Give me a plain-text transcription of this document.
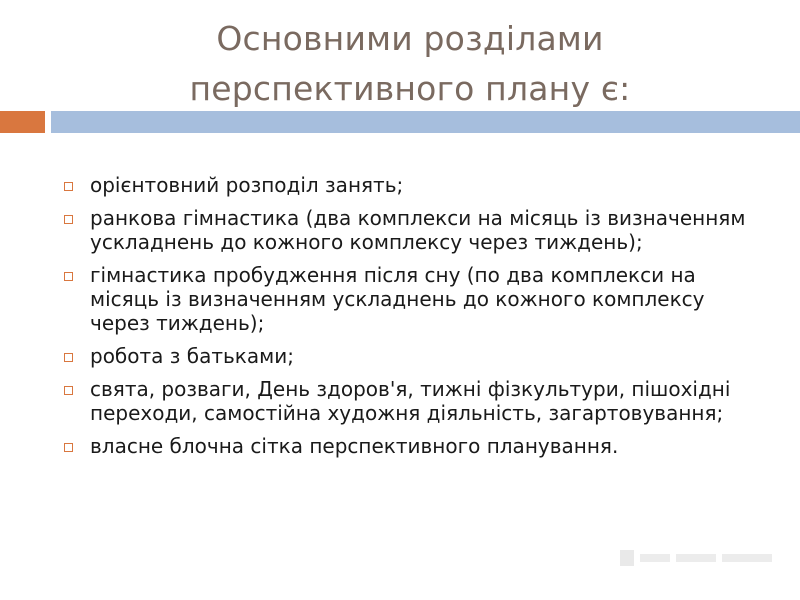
Основними розділами
перспективного плану є:
орієнтовний розподіл занять;
ранкова гімнастика (два комплекси на місяць із визначенням ускладнень до кожного комплексу через тиждень);
гімнастика пробудження після сну (по два комплекси на місяць із визначенням ускладнень до кожного комплексу через тиждень);
робота з батьками;
свята, розваги, День здоров'я, тижні фізкультури, пішохідні переходи, самостійна художня діяльність, загартовування;
власне блочна сітка перспективного планування.
